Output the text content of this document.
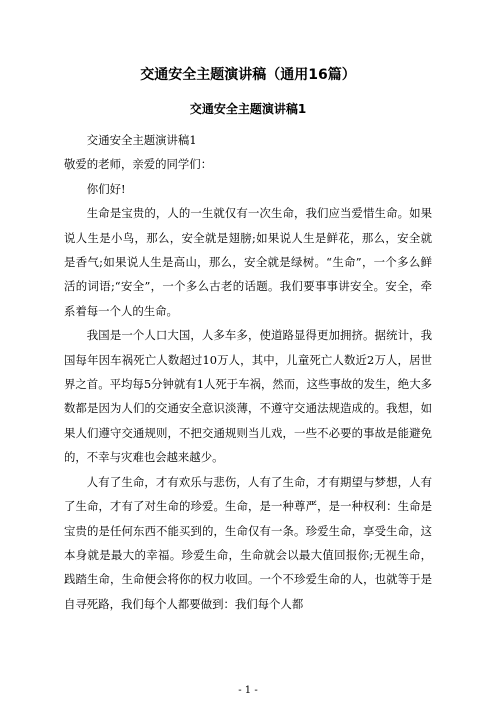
交通安全主题演讲稿（通用16篇）
交通安全主题演讲稿1

交通安全主题演讲稿1

敬爱的老师，亲爱的同学们：

你们好!

生命是宝贵的，人的一生就仅有一次生命，我们应当爱惜生命。如果说人生是小鸟，那么，安全就是翅膀;如果说人生是鲜花，那么，安全就是香气;如果说人生是高山，那么，安全就是绿树。“生命”，一个多么鲜活的词语;“安全”，一个多么古老的话题。我们要事事讲安全。安全，牵系着每一个人的生命。

我国是一个人口大国，人多车多，使道路显得更加拥挤。据统计，我国每年因车祸死亡人数超过10万人，其中，儿童死亡人数近2万人，居世界之首。平均每5分钟就有1人死于车祸，然而，这些事故的发生，绝大多数都是因为人们的交通安全意识淡薄，不遵守交通法规造成的。我想，如果人们遵守交通规则，不把交通规则当儿戏，一些不必要的事故是能避免的，不幸与灾难也会越来越少。

人有了生命，才有欢乐与悲伤，人有了生命，才有期望与梦想，人有了生命，才有了对生命的珍爱。生命，是一种尊严，是一种权利：生命是宝贵的是任何东西不能买到的，生命仅有一条。珍爱生命，享受生命，这本身就是最大的幸福。珍爱生命，生命就会以最大值回报你;无视生命，践踏生命，生命便会将你的权力收回。一个不珍爱生命的人，也就等于是自寻死路，我们每个人都要做到：我们每个人都

- 1 -
